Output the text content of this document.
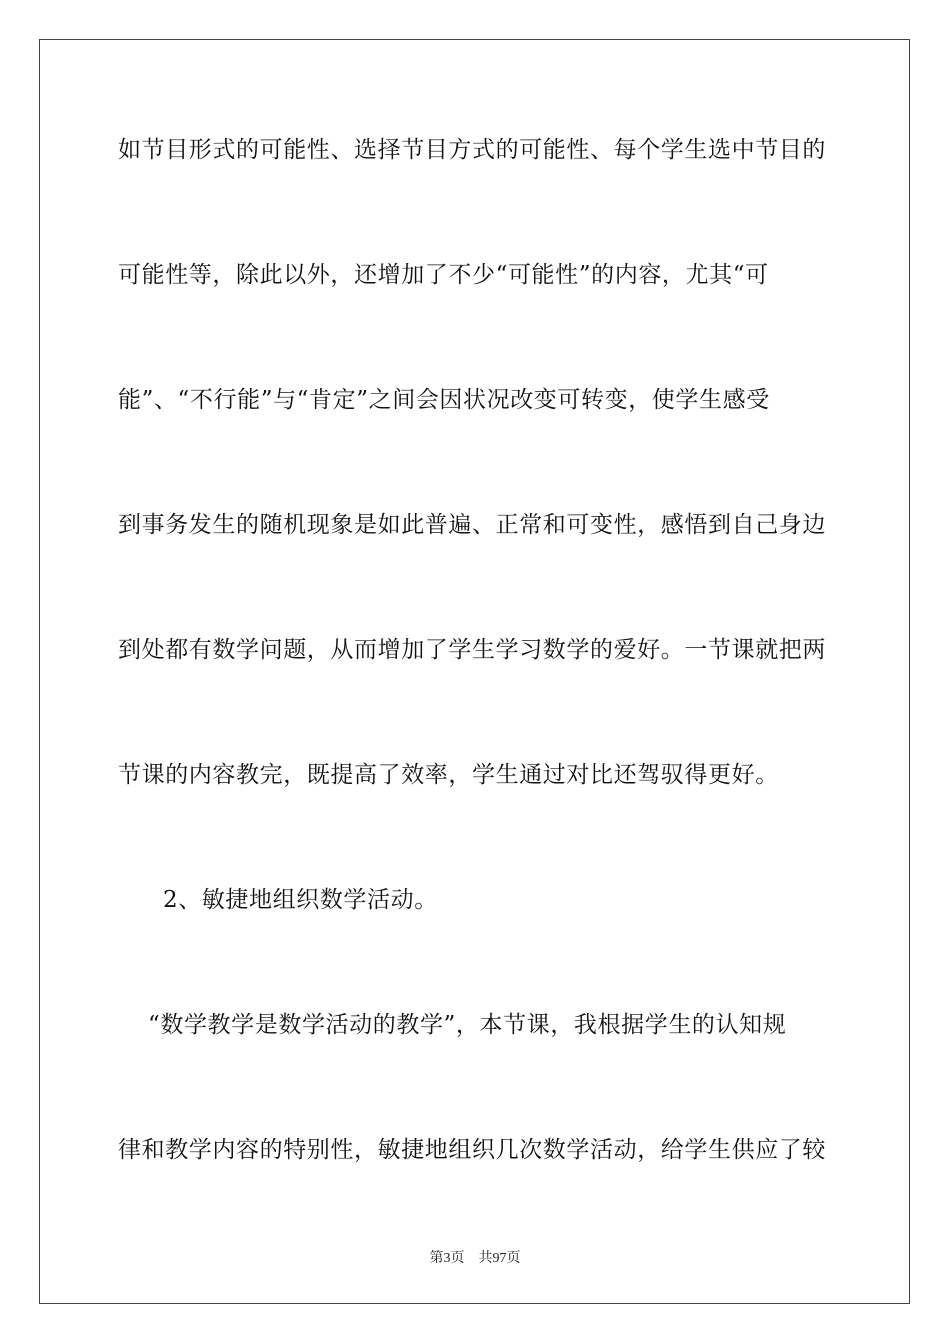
如节目形式的可能性、选择节目方式的可能性、每个学生选中节目的
可能性等，除此以外，还增加了不少“可能性”的内容，尤其“可
能”、“不行能”与“肯定”之间会因状况改变可转变，使学生感受
到事务发生的随机现象是如此普遍、正常和可变性，感悟到自己身边
到处都有数学问题，从而增加了学生学习数学的爱好。一节课就把两
节课的内容教完，既提高了效率，学生通过对比还驾驭得更好。
2、敏捷地组织数学活动。
“数学教学是数学活动的教学”，本节课，我根据学生的认知规
律和教学内容的特别性，敏捷地组织几次数学活动，给学生供应了较
第3页 共97页
